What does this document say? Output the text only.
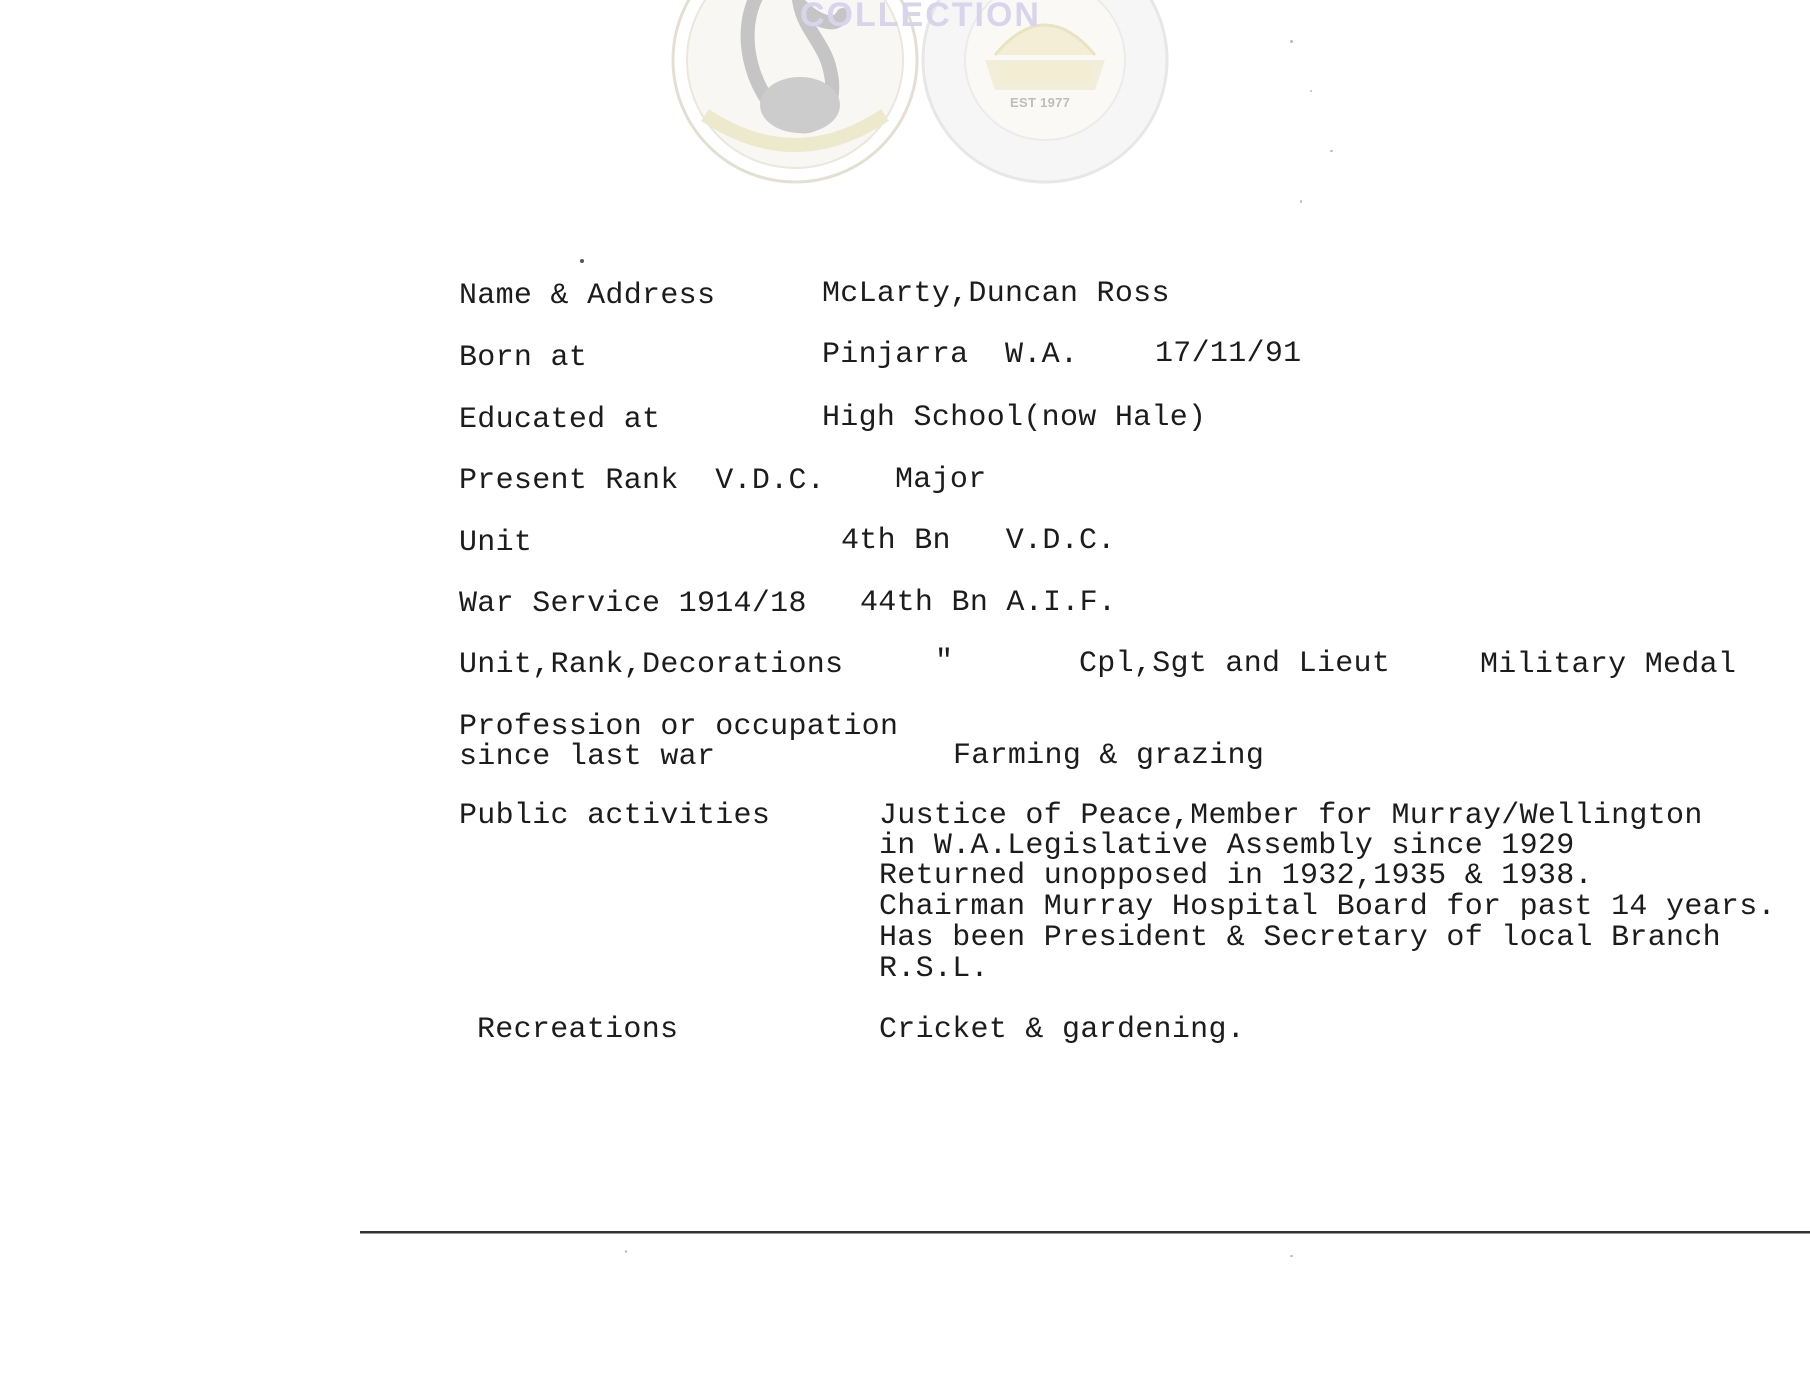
COLLECTION
EST 1977
Name & Address	McLarty,Duncan Ross
Born at	Pinjarra  W.A.	17/11/91
Educated at	High School(now Hale)
Present Rank  V.D.C. Major
Unit	4th Bn   V.D.C.
War Service 1914/18 44th Bn A.I.F.
Unit,Rank,Decorations	"	Cpl,Sgt and Lieut	Military Medal
Profession or occupation
since last war	Farming & grazing
Public activities	Justice of Peace,Member for Murray/Wellington
in W.A.Legislative Assembly since 1929
Returned unopposed in 1932,1935 & 1938.
Chairman Murray Hospital Board for past 14 years.
Has been President & Secretary of local Branch
R.S.L.
Recreations	Cricket & gardening.
